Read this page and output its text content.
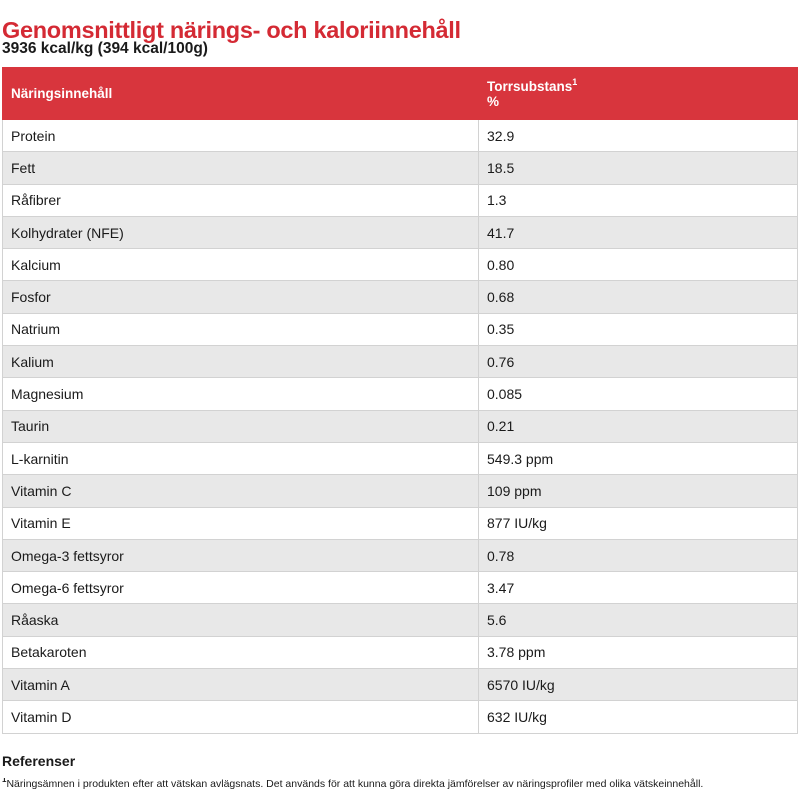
Genomsnittligt närings- och kaloriinnehåll
3936 kcal/kg (394 kcal/100g)
Näringsinnehåll	Torrsubstans$^1$
%
Protein	32.9
Fett	18.5
Råfibrer	1.3
Kolhydrater (NFE)	41.7
Kalcium	0.80
Fosfor	0.68
Natrium	0.35
Kalium	0.76
Magnesium	0.085
Taurin	0.21
L-karnitin	549.3 ppm
Vitamin C	109 ppm
Vitamin E	877 IU/kg
Omega-3 fettsyror	0.78
Omega-6 fettsyror	3.47
Råaska	5.6
Betakaroten	3.78 ppm
Vitamin A	6570 IU/kg
Vitamin D	632 IU/kg
Referenser
$^1$Näringsämnen i produkten efter att vätskan avlägsnats. Det används för att kunna göra direkta jämförelser av näringsprofiler med olika vätskeinnehåll.
